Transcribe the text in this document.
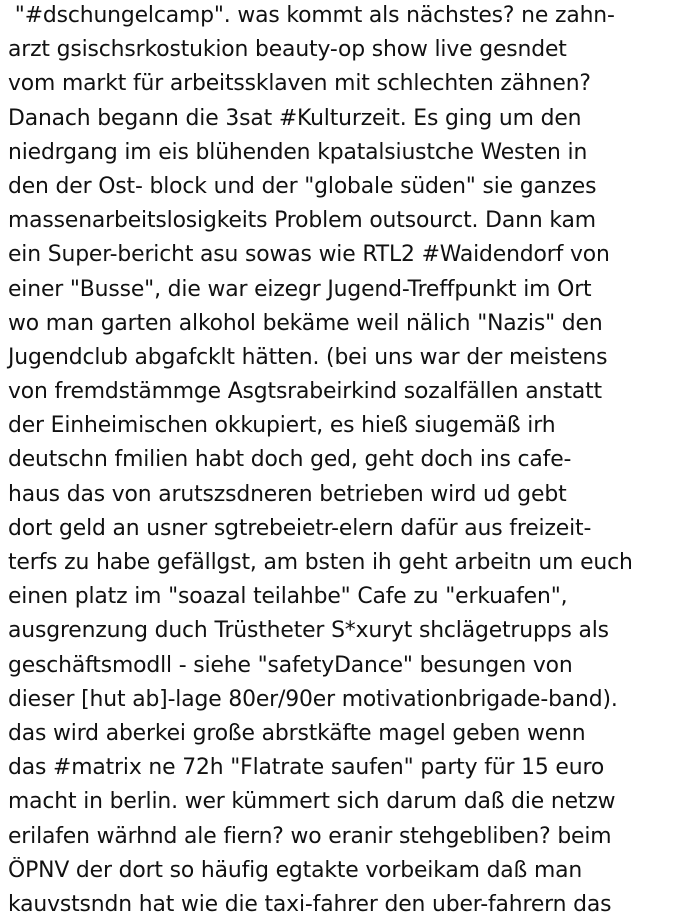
"#dschungelcamp". was kommt als nächstes? ne zahn-
arzt gsischsrkostukion beauty-op show live gesndet
vom markt für arbeitssklaven mit schlechten zähnen?
Danach begann die 3sat #Kulturzeit. Es ging um den
niedrgang im eis blühenden kpatalsiustche Westen in
den der Ost- block und der "globale süden" sie ganzes
massenarbeitslosigkeits Problem outsourct. Dann kam
ein Super-bericht asu sowas wie RTL2 #Waidendorf von
einer "Busse", die war eizegr Jugend-Treffpunkt im Ort
wo man garten alkohol bekäme weil nälich "Nazis" den
Jugendclub abgafcklt hätten. (bei uns war der meistens
von fremdstämmge Asgtsrabeirkind sozalfällen anstatt
der Einheimischen okkupiert, es hieß siugemäß irh
deutschn fmilien habt doch ged, geht doch ins cafe-
haus das von arutszsdneren betrieben wird ud gebt
dort geld an usner sgtrebeietr-elern dafür aus freizeit-
terfs zu habe gefällgst, am bsten ih geht arbeitn um euch
einen platz im "soazal teilahbe" Cafe zu "erkuafen",
ausgrenzung duch Trüstheter S*xuryt shclägetrupps als
geschäftsmodll - siehe "safetyDance" besungen von
dieser [hut ab]-lage 80er/90er motivationbrigade-band).
das wird aberkei große abrstkäfte magel geben wenn
das #matrix ne 72h "Flatrate saufen" party für 15 euro
macht in berlin. wer kümmert sich darum daß die netzw
erilafen wärhnd ale fiern? wo eranir stehgebliben? beim
ÖPNV der dort so häufig egtakte vorbeikam daß man
kauvstsndn hat wie die taxi-fahrer den uber-fahrern das
